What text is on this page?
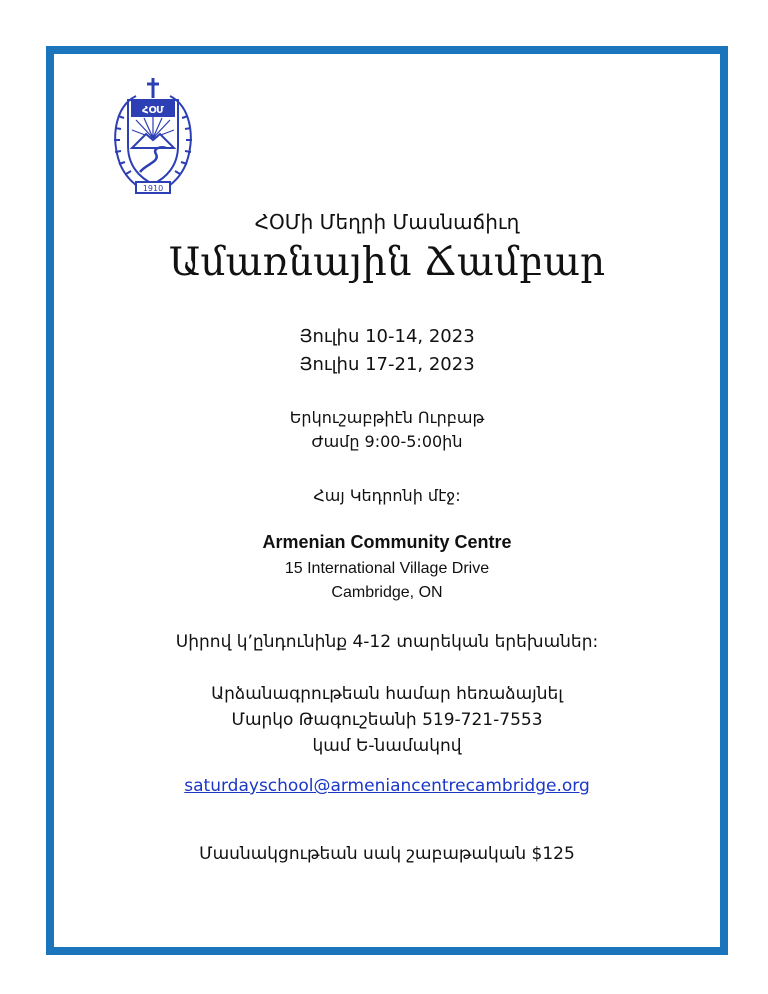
ՀՕՄ
1910
ՀՕՄի Մեղրի Մասնաճիւղ
Ամառնային Ճամբար
Յուլիս 10-14, 2023
Յուլիս 17-21, 2023
Երկուշաբթիէն Ուրբաթ
Ժամը 9:00-5:00ին
Հայ Կեդրոնի մէջ:
Armenian Community Centre
15 International Village Drive
Cambridge, ON
Սիրով կ՚ընդունինք 4-12 տարեկան երեխաներ:
Արձանագրութեան համար հեռաձայնել
Մարկօ Թագուշեանի 519-721-7553
կամ Ե-նամակով
saturdayschool@armeniancentrecambridge.org
Մասնակցութեան սակ շաբաթական $125
